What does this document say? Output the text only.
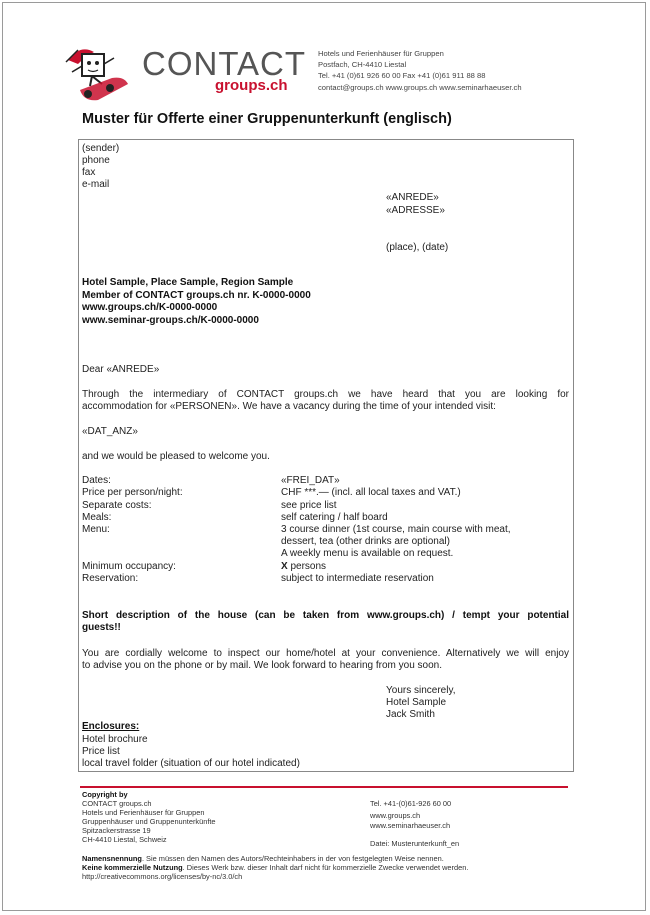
CONTACT
groups.ch
Hotels und Ferienhäuser für Gruppen
Postfach, CH-4410 Liestal
Tel. +41 (0)61 926 60 00 Fax +41 (0)61 911 88 88
contact@groups.ch www.groups.ch www.seminarhaeuser.ch
Muster für Offerte einer Gruppenunterkunft (englisch)
(sender)
phone
fax
e-mail
«ANREDE»
«ADRESSE»
(place), (date)
Hotel Sample, Place Sample, Region Sample
Member of CONTACT groups.ch nr. K-0000-0000
www.groups.ch/K-0000-0000
www.seminar-groups.ch/K-0000-0000
Dear «ANREDE»
Through the intermediary of CONTACT groups.ch we have heard that you are looking for
accommodation for «PERSONEN». We have a vacancy during the time of your intended visit:
«DAT_ANZ»
and we would be pleased to welcome you.
Dates:	«FREI_DAT»
Price per person/night:	CHF ***.— (incl. all local taxes and VAT.)
Separate costs:	see price list
Meals:	self catering / half board
Menu:	3 course dinner (1st course, main course with meat,
dessert, tea (other drinks are optional)
A weekly menu is available on request.
Minimum occupancy:	X persons
Reservation:	subject to intermediate reservation
Short description of the house (can be taken from www.groups.ch) / tempt your potential
guests!!
You are cordially welcome to inspect our home/hotel at your convenience. Alternatively we will enjoy
to advise you on the phone or by mail. We look forward to hearing from you soon.
Yours sincerely,
Hotel Sample
Jack Smith
Enclosures:
Hotel brochure
Price list
local travel folder (situation of our hotel indicated)
Copyright by
CONTACT groups.ch
Hotels und Ferienhäuser für Gruppen
Gruppenhäuser und Gruppenunterkünfte
Spitzackerstrasse 19
CH-4410 Liestal, Schweiz
Tel. +41-(0)61-926 60 00
www.groups.ch
www.seminarhaeuser.ch
Datei: Musterunterkunft_en
Namensnennung. Sie müssen den Namen des Autors/Rechteinhabers in der von festgelegten Weise nennen.
Keine kommerzielle Nutzung. Dieses Werk bzw. dieser Inhalt darf nicht für kommerzielle Zwecke verwendet werden.
http://creativecommons.org/licenses/by-nc/3.0/ch
